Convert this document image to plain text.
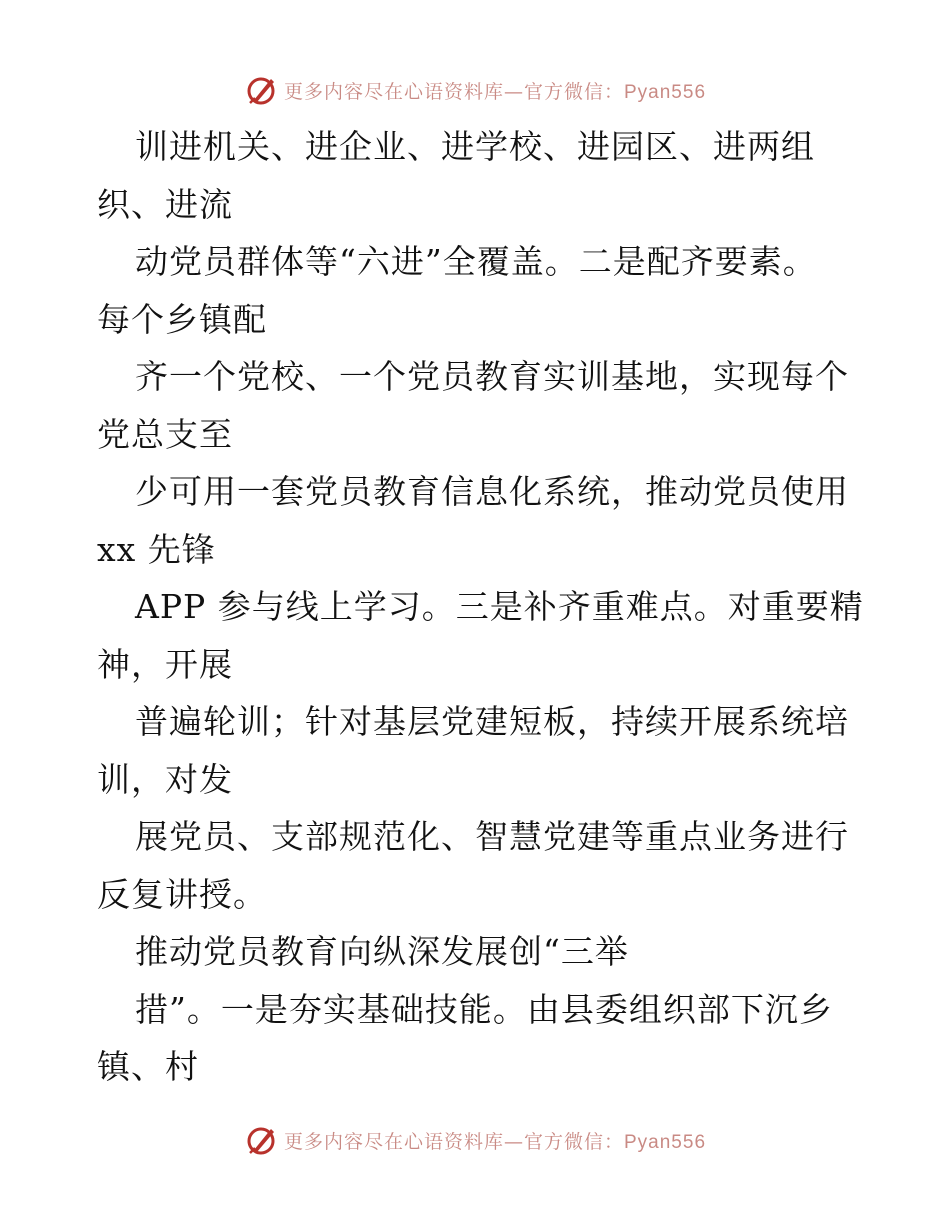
更多内容尽在心语资料库—官方微信：Pyan556
训进机关、进企业、进学校、进园区、进两组
织、进流
动党员群体等“六进”全覆盖。二是配齐要素。
每个乡镇配
齐一个党校、一个党员教育实训基地，实现每个
党总支至
少可用一套党员教育信息化系统，推动党员使用
xx 先锋
APP 参与线上学习。三是补齐重难点。对重要精
神，开展
普遍轮训；针对基层党建短板，持续开展系统培
训，对发
展党员、支部规范化、智慧党建等重点业务进行
反复讲授。
推动党员教育向纵深发展创“三举
措”。一是夯实基础技能。由县委组织部下沉乡
镇、村
更多内容尽在心语资料库—官方微信：Pyan556
